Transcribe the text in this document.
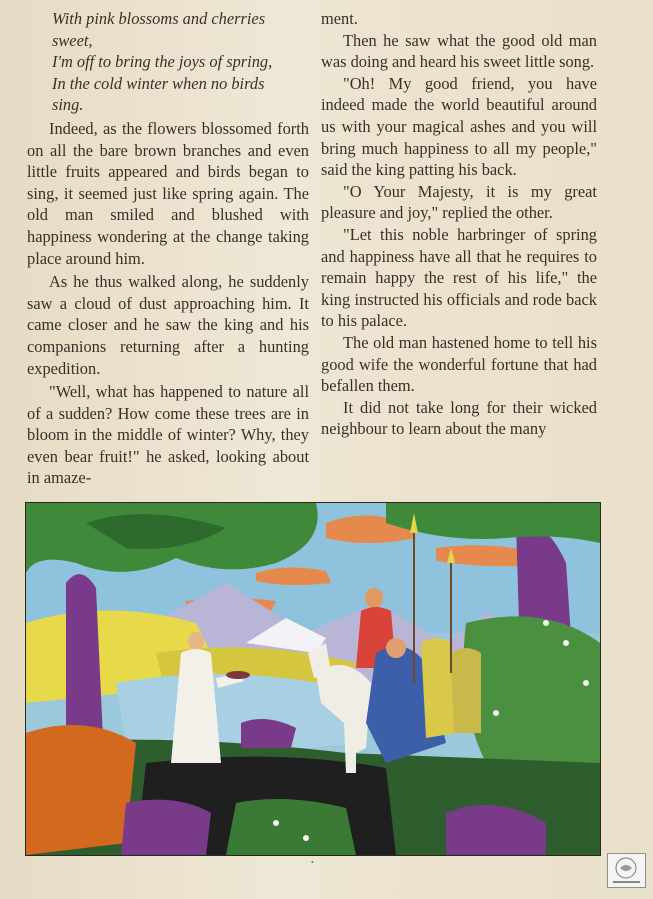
With pink blossoms and cherries
sweet,
I'm off to bring the joys of spring,
In the cold winter when no birds
sing.

Indeed, as the flowers blossomed forth on all the bare brown branches and even little fruits appeared and birds began to sing, it seemed just like spring again. The old man smiled and blushed with happiness wondering at the change taking place around him.

As he thus walked along, he suddenly saw a cloud of dust approaching him. It came closer and he saw the king and his companions returning after a hunting expedition.

"Well, what has happened to nature all of a sudden? How come these trees are in bloom in the middle of winter? Why, they even bear fruit!" he asked, looking about in amaze-

ment.

Then he saw what the good old man was doing and heard his sweet little song.

"Oh! My good friend, you have indeed made the world beautiful around us with your magical ashes and you will bring much happiness to all my people," said the king patting his back.

"O Your Majesty, it is my great pleasure and joy," replied the other.

"Let this noble harbringer of spring and happiness have all that he requires to remain happy the rest of his life," the king instructed his officials and rode back to his palace.

The old man hastened home to tell his good wife the wonderful fortune that had befallen them.

It did not take long for their wicked neighbour to learn about the many

•
